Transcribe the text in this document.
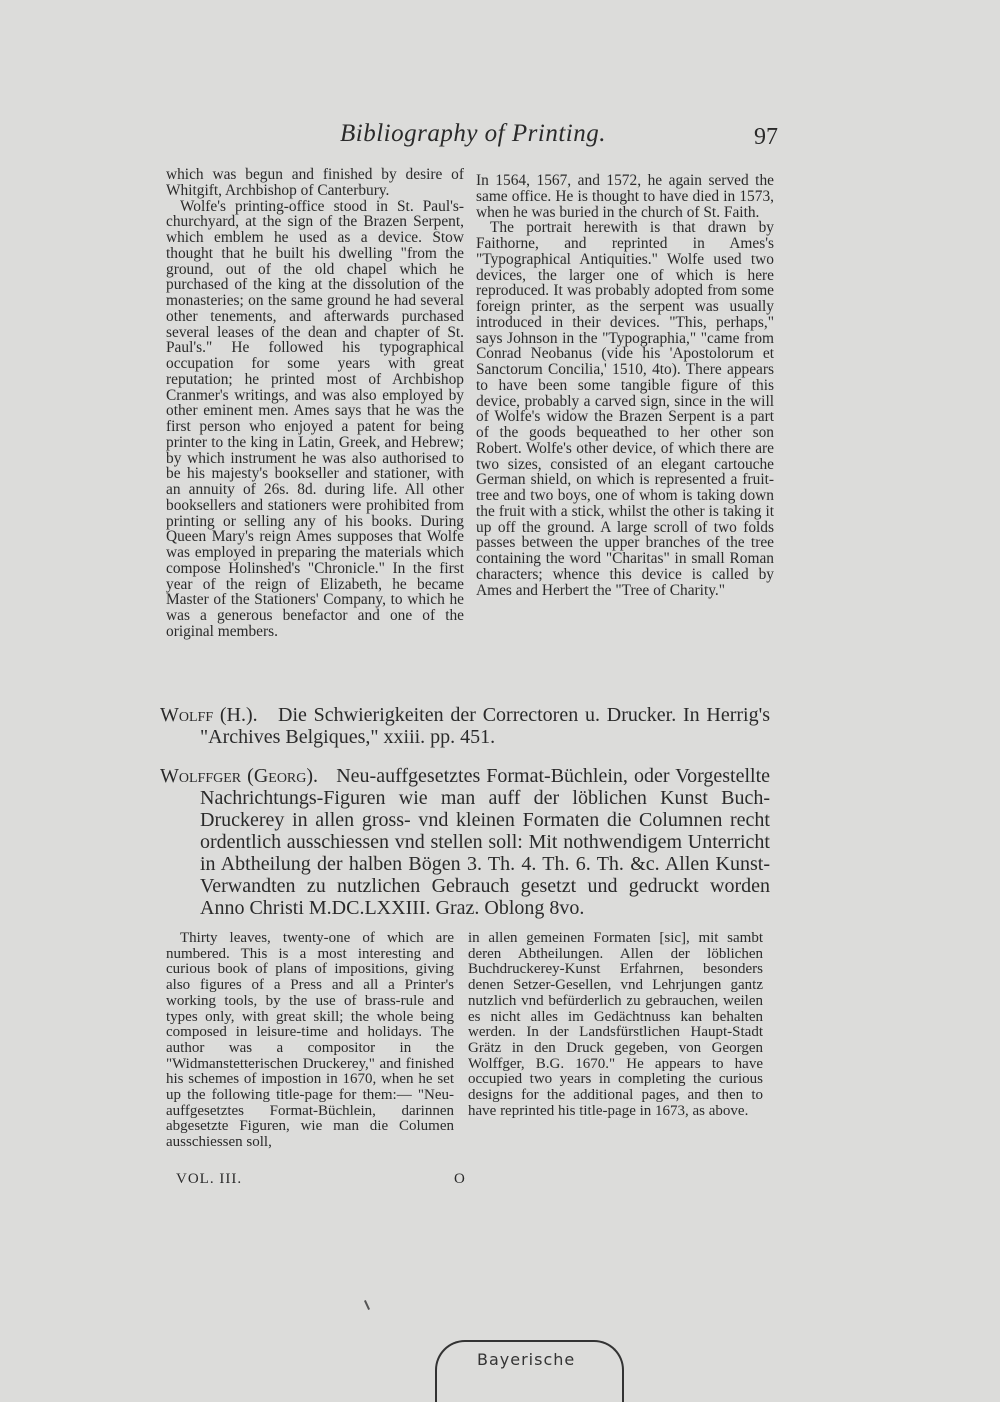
Bibliography of Printing.	97

which was begun and finished by desire of Whitgift, Archbishop of Canterbury.

Wolfe's printing-office stood in St. Paul's-churchyard, at the sign of the Brazen Serpent, which emblem he used as a device. Stow thought that he built his dwelling "from the ground, out of the old chapel which he purchased of the king at the dissolution of the monasteries; on the same ground he had several other tenements, and afterwards purchased several leases of the dean and chapter of St. Paul's." He followed his typographical occupation for some years with great reputation; he printed most of Archbishop Cranmer's writings, and was also employed by other eminent men. Ames says that he was the first person who enjoyed a patent for being printer to the king in Latin, Greek, and Hebrew; by which instrument he was also authorised to be his majesty's bookseller and stationer, with an annuity of 26s. 8d. during life. All other booksellers and stationers were prohibited from printing or selling any of his books. During Queen Mary's reign Ames supposes that Wolfe was employed in preparing the materials which compose Holinshed's "Chronicle." In the first year of the reign of Elizabeth, he became Master of the Stationers' Company, to which he was a generous benefactor and one of the original members.

In 1564, 1567, and 1572, he again served the same office. He is thought to have died in 1573, when he was buried in the church of St. Faith.

The portrait herewith is that drawn by Faithorne, and reprinted in Ames's "Typographical Antiquities." Wolfe used two devices, the larger one of which is here reproduced. It was probably adopted from some foreign printer, as the serpent was usually introduced in their devices. "This, perhaps," says Johnson in the "Typographia," "came from Conrad Neobanus (vide his 'Apostolorum et Sanctorum Concilia,' 1510, 4to). There appears to have been some tangible figure of this device, probably a carved sign, since in the will of Wolfe's widow the Brazen Serpent is a part of the goods bequeathed to her other son Robert. Wolfe's other device, of which there are two sizes, consisted of an elegant cartouche German shield, on which is represented a fruit-tree and two boys, one of whom is taking down the fruit with a stick, whilst the other is taking it up off the ground. A large scroll of two folds passes between the upper branches of the tree containing the word "Charitas" in small Roman characters; whence this device is called by Ames and Herbert the "Tree of Charity."

Wolff (H.). Die Schwierigkeiten der Correctoren u. Drucker. In Herrig's "Archives Belgiques," xxiii. pp. 451.

Wolffger (Georg). Neu-auffgesetztes Format-Büchlein, oder Vorgestellte Nachrichtungs-Figuren wie man auff der löblichen Kunst Buch-Druckerey in allen gross- vnd kleinen Formaten die Columnen recht ordentlich ausschiessen vnd stellen soll: Mit nothwendigem Unterricht in Abtheilung der halben Bögen 3. Th. 4. Th. 6. Th. &c. Allen Kunst-Verwandten zu nutzlichen Gebrauch gesetzt und gedruckt worden Anno Christi M.DC.LXXIII. Graz. Oblong 8vo.

Thirty leaves, twenty-one of which are numbered. This is a most interesting and curious book of plans of impositions, giving also figures of a Press and all a Printer's working tools, by the use of brass-rule and types only, with great skill; the whole being composed in leisure-time and holidays. The author was a compositor in the "Widmanstetterischen Druckerey," and finished his schemes of impostion in 1670, when he set up the following title-page for them:— "Neu-auffgesetztes Format-Büchlein, darinnen abgesetzte Figuren, wie man die Columen ausschiessen soll,

in allen gemeinen Formaten [sic], mit sambt deren Abtheilungen. Allen der löblichen Buchdruckerey-Kunst Erfahrnen, besonders denen Setzer-Gesellen, vnd Lehrjungen gantz nutzlich vnd befürderlich zu gebrauchen, weilen es nicht alles im Gedächtnuss kan behalten werden. In der Landsfürstlichen Haupt-Stadt Grätz in den Druck gegeben, von Georgen Wolffger, B.G. 1670." He appears to have occupied two years in completing the curious designs for the additional pages, and then to have reprinted his title-page in 1673, as above.

VOL. III.	O
Bayerische
